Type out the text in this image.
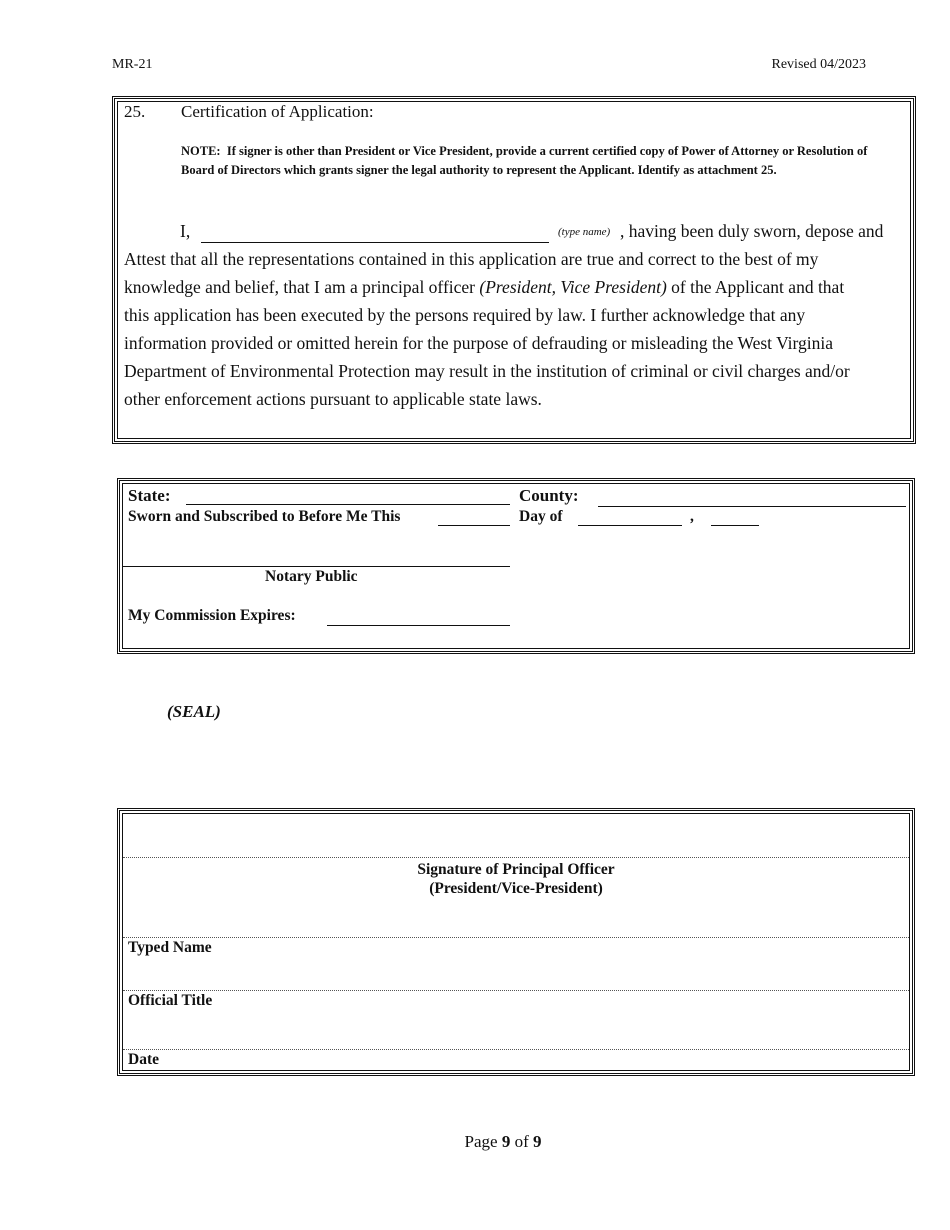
MR-21	Revised 04/2023
25. Certification of Application:
NOTE: If signer is other than President or Vice President, provide a current certified copy of Power of Attorney or Resolution of Board of Directors which grants signer the legal authority to represent the Applicant. Identify as attachment 25.
I,	(type name) , having been duly sworn, depose and
Attest that all the representations contained in this application are true and correct to the best of my
knowledge and belief, that I am a principal officer (President, Vice President) of the Applicant and that
this application has been executed by the persons required by law. I further acknowledge that any
information provided or omitted herein for the purpose of defrauding or misleading the West Virginia
Department of Environmental Protection may result in the institution of criminal or civil charges and/or
other enforcement actions pursuant to applicable state laws.
State:	County:
Sworn and Subscribed to Before Me This	Day of	,
Notary Public
My Commission Expires:
(SEAL)
Signature of Principal Officer
(President/Vice-President)
Typed Name
Official Title
Date
Page 9 of 9
